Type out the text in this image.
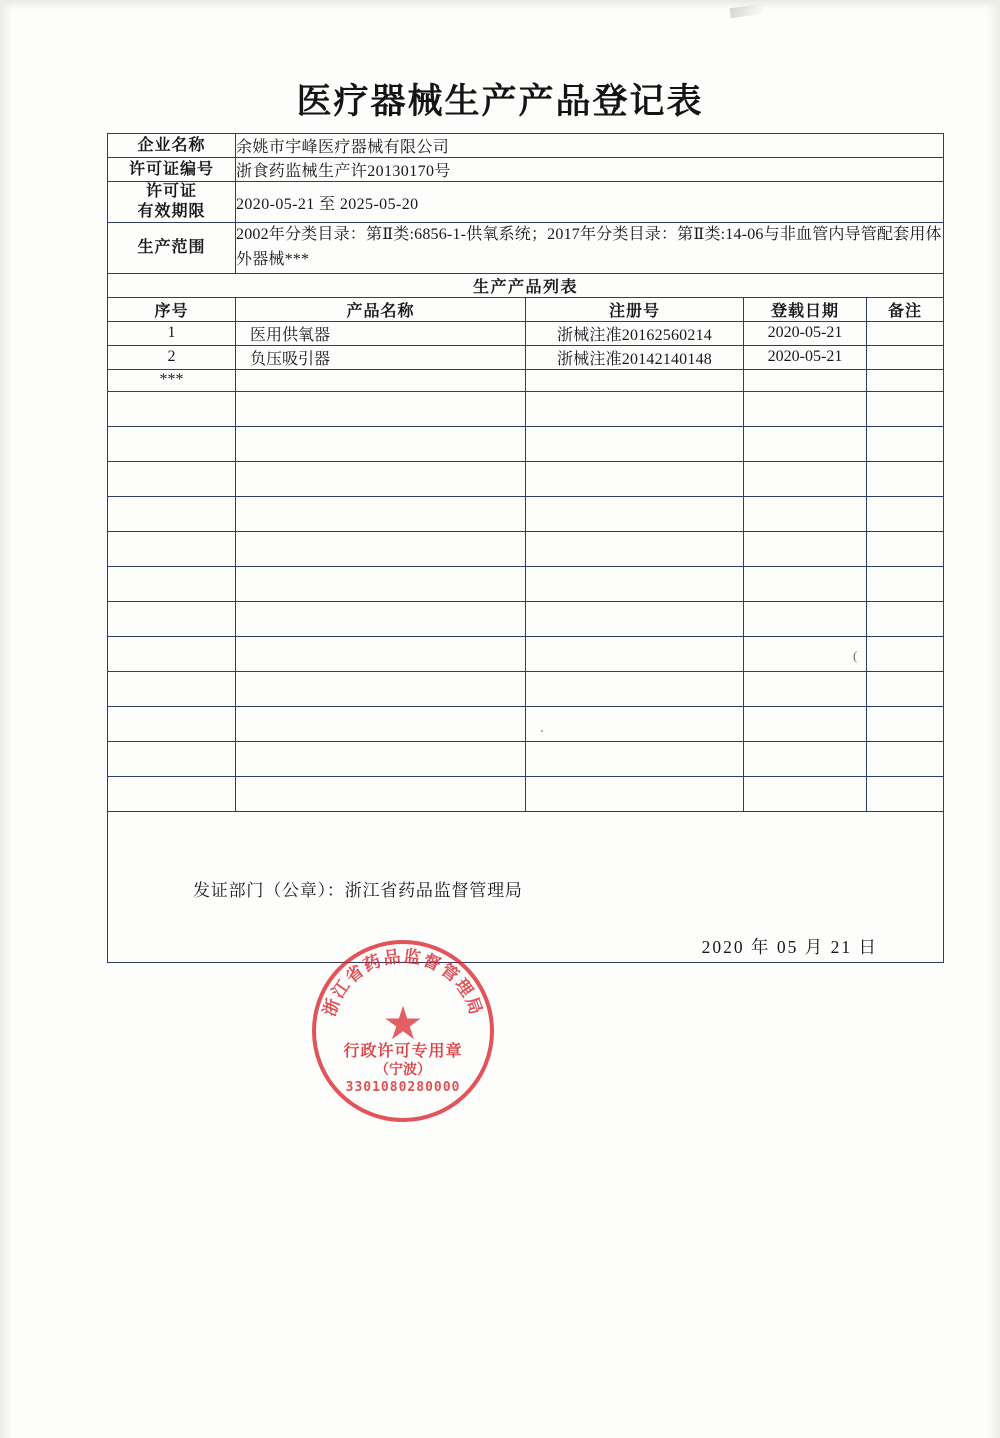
医疗器械生产产品登记表
企业名称	余姚市宇峰医疗器械有限公司			
许可证编号	浙食药监械生产许20130170号			

许可证
有效期限	2020-05-21 至 2025-05-20			
生产范围	2002年分类目录：第Ⅱ类:6856-1-供氧系统；2017年分类目录：第Ⅱ类:14-06与非血管内导管配套用体外器械***			
生产产品列表				
序号	产品名称	注册号	登载日期	备注
1	医用供氧器	浙械注准20162560214	2020-05-21	
2	负压吸引器	浙械注准20142140148	2020-05-21	
***				

发证部门（公章）：浙江省药品监督管理局
2020 年 05 月 21 日				
(
浙江省药品监督管理局
★
行政许可专用章
（宁波）
3301080280000
